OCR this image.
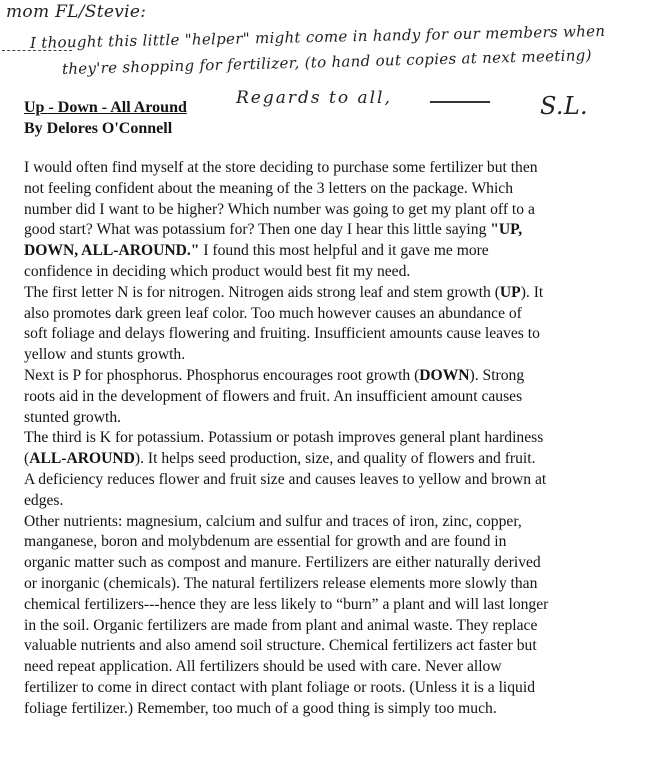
mom FL/Stevie:
I thought this little "helper" might come in handy for our members when
they're shopping for fertilizer, (to hand out copies at next meeting)
Regards to all,	S.L.
Up - Down - All Around
By Delores O'Connell
I would often find myself at the store deciding to purchase some fertilizer but then
not feeling confident about the meaning of the 3 letters on the package. Which
number did I want to be higher? Which number was going to get my plant off to a
good start? What was potassium for? Then one day I hear this little saying "UP,
DOWN, ALL-AROUND." I found this most helpful and it gave me more
confidence in deciding which product would best fit my need.
The first letter N is for nitrogen. Nitrogen aids strong leaf and stem growth (UP). It
also promotes dark green leaf color. Too much however causes an abundance of
soft foliage and delays flowering and fruiting. Insufficient amounts cause leaves to
yellow and stunts growth.
Next is P for phosphorus. Phosphorus encourages root growth (DOWN). Strong
roots aid in the development of flowers and fruit. An insufficient amount causes
stunted growth.
The third is K for potassium. Potassium or potash improves general plant hardiness
(ALL-AROUND). It helps seed production, size, and quality of flowers and fruit.
A deficiency reduces flower and fruit size and causes leaves to yellow and brown at
edges.
Other nutrients: magnesium, calcium and sulfur and traces of iron, zinc, copper,
manganese, boron and molybdenum are essential for growth and are found in
organic matter such as compost and manure. Fertilizers are either naturally derived
or inorganic (chemicals). The natural fertilizers release elements more slowly than
chemical fertilizers---hence they are less likely to “burn” a plant and will last longer
in the soil. Organic fertilizers are made from plant and animal waste. They replace
valuable nutrients and also amend soil structure. Chemical fertilizers act faster but
need repeat application. All fertilizers should be used with care. Never allow
fertilizer to come in direct contact with plant foliage or roots. (Unless it is a liquid
foliage fertilizer.) Remember, too much of a good thing is simply too much.
